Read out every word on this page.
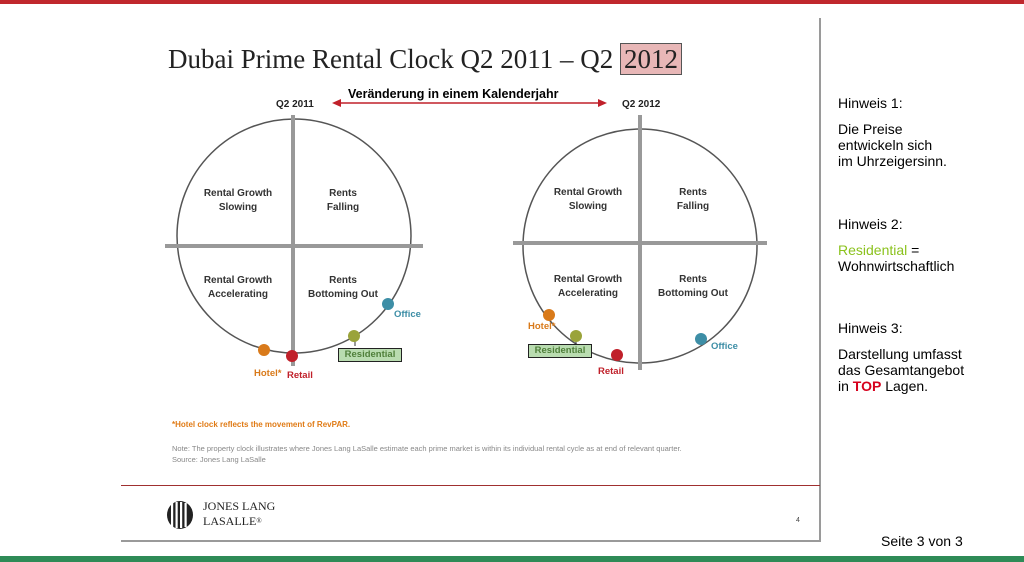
Dubai Prime Rental Clock Q2 2011 – Q2 2012
Q2 2011	Q2 2012
Veränderung in einem Kalenderjahr
Rental Growth
Slowing
Rents
Falling
Rental Growth
Accelerating
Rents
Bottoming Out
Rental Growth
Slowing
Rents
Falling
Rental Growth
Accelerating
Rents
Bottoming Out
Hotel* Retail
Residential
Office
Hotel*
Residential
Retail
Office
*Hotel clock reflects the movement of RevPAR.
Note: The property clock illustrates where Jones Lang LaSalle estimate each prime market is within its individual rental cycle as at end of relevant quarter.
Source: Jones Lang LaSalle
JONES LANG
LASALLE®	4
Hinweis 1:
Die Preise
entwickeln sich
im Uhrzeigersinn.
Hinweis 2:
Residential =
Wohnwirtschaftlich
Hinweis 3:
Darstellung umfasst
das Gesamtangebot
in TOP Lagen.
Seite 3 von 3
